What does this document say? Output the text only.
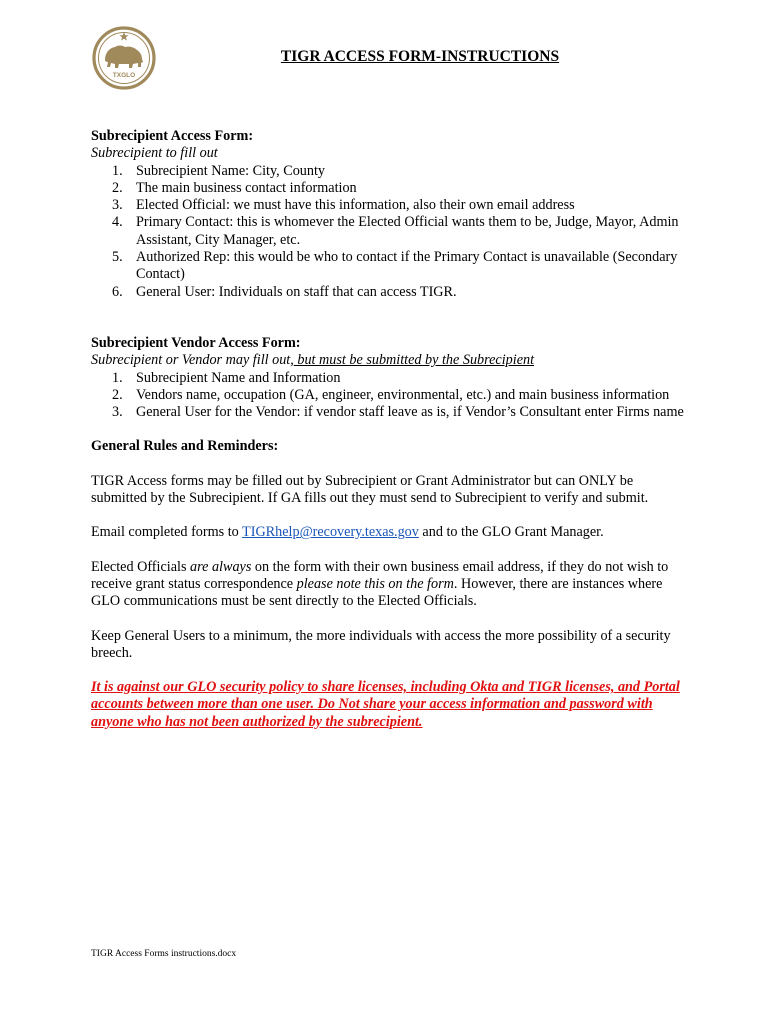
TXGLO
TIGR ACCESS FORM-INSTRUCTIONS

Subrecipient Access Form:

Subrecipient to fill out

1. Subrecipient Name: City, County
2. The main business contact information
3. Elected Official: we must have this information, also their own email address
4. Primary Contact: this is whomever the Elected Official wants them to be, Judge, Mayor, Admin Assistant, City Manager, etc.
5. Authorized Rep: this would be who to contact if the Primary Contact is unavailable (Secondary Contact)
6. General User: Individuals on staff that can access TIGR.

Subrecipient Vendor Access Form:

Subrecipient or Vendor may fill out, but must be submitted by the Subrecipient

1. Subrecipient Name and Information
2. Vendors name, occupation (GA, engineer, environmental, etc.) and main business information
3. General User for the Vendor: if vendor staff leave as is, if Vendor’s Consultant enter Firms name

General Rules and Reminders:

TIGR Access forms may be filled out by Subrecipient or Grant Administrator but can ONLY be submitted by the Subrecipient. If GA fills out they must send to Subrecipient to verify and submit.

Email completed forms to TIGRhelp@recovery.texas.gov and to the GLO Grant Manager.

Elected Officials are always on the form with their own business email address, if they do not wish to receive grant status correspondence please note this on the form. However, there are instances where GLO communications must be sent directly to the Elected Officials.

Keep General Users to a minimum, the more individuals with access the more possibility of a security breech.

It is against our GLO security policy to share licenses, including Okta and TIGR licenses, and Portal accounts between more than one user. Do Not share your access information and password with anyone who has not been authorized by the subrecipient.

TIGR Access Forms instructions.docx
